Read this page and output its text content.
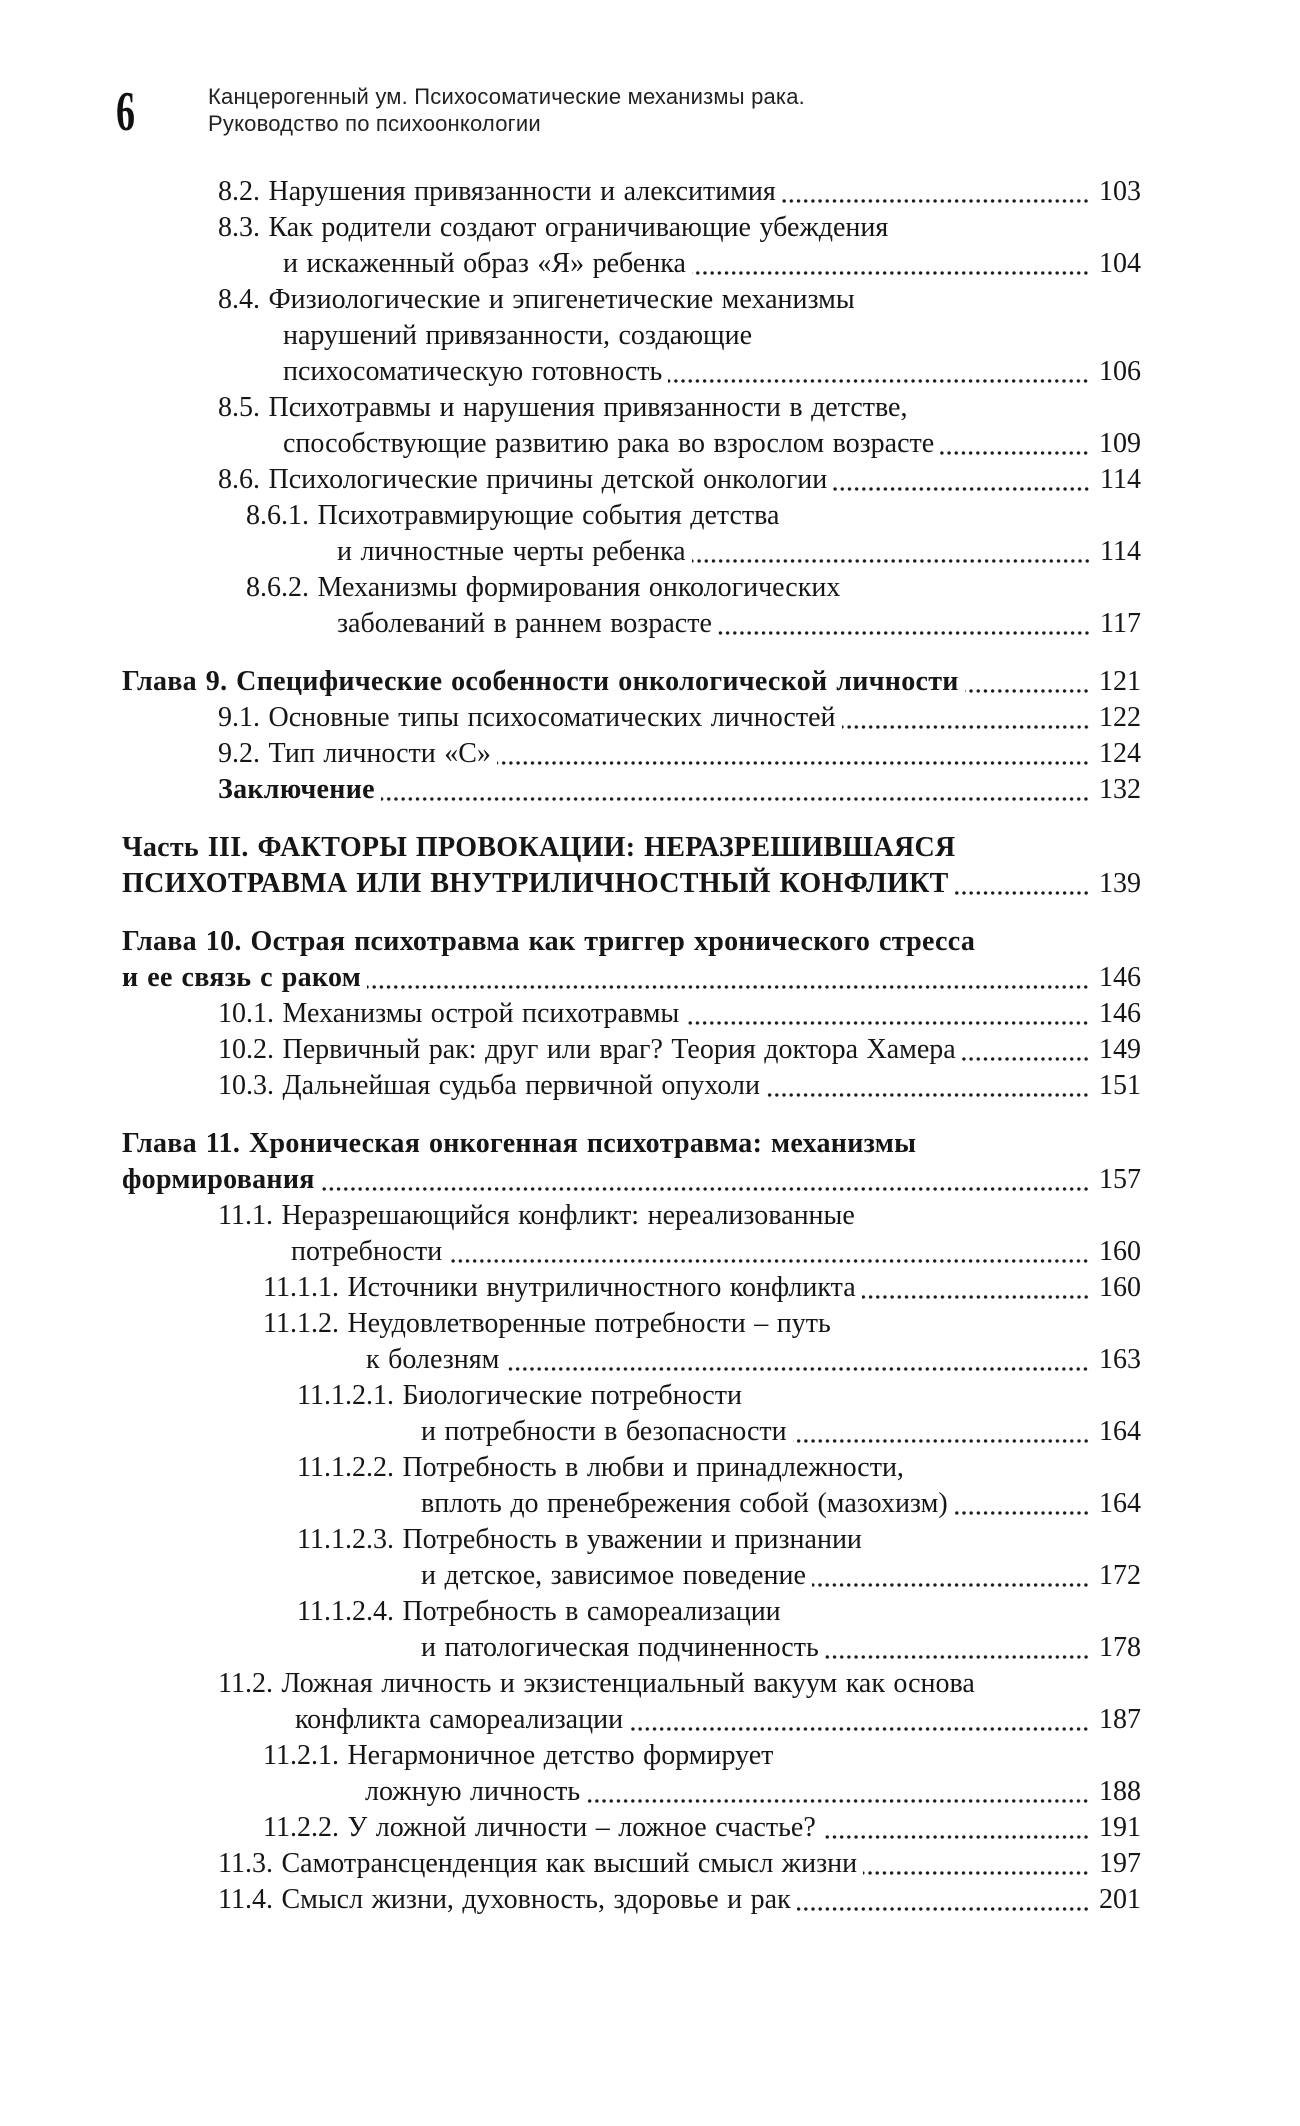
6	Канцерогенный ум. Психосоматические механизмы рака.
Руководство по психоонкологии
8.2. Нарушения привязанности и алекситимия	103
8.3. Как родители создают ограничивающие убеждения
и искаженный образ «Я» ребенка	104
8.4. Физиологические и эпигенетические механизмы
нарушений привязанности, создающие
психосоматическую готовность	106
8.5. Психотравмы и нарушения привязанности в детстве,
способствующие развитию рака во взрослом возрасте	109
8.6. Психологические причины детской онкологии	114
8.6.1. Психотравмирующие события детства
и личностные черты ребенка	114
8.6.2. Механизмы формирования онкологических
заболеваний в раннем возрасте	117
Глава 9. Специфические особенности онкологической личности	121
9.1. Основные типы психосоматических личностей	122
9.2. Тип личности «С»	124
Заключение	132
Часть III. ФАКТОРЫ ПРОВОКАЦИИ: НЕРАЗРЕШИВШАЯСЯ
ПСИХОТРАВМА ИЛИ ВНУТРИЛИЧНОСТНЫЙ КОНФЛИКТ	139
Глава 10. Острая психотравма как триггер хронического стресса
и ее связь с раком	146
10.1. Механизмы острой психотравмы	146
10.2. Первичный рак: друг или враг? Теория доктора Хамера	149
10.3. Дальнейшая судьба первичной опухоли	151
Глава 11. Хроническая онкогенная психотравма: механизмы
формирования	157
11.1. Неразрешающийся конфликт: нереализованные
потребности	160
11.1.1. Источники внутриличностного конфликта	160
11.1.2. Неудовлетворенные потребности – путь
к болезням	163
11.1.2.1. Биологические потребности
и потребности в безопасности	164
11.1.2.2. Потребность в любви и принадлежности,
вплоть до пренебрежения собой (мазохизм)	164
11.1.2.3. Потребность в уважении и признании
и детское, зависимое поведение	172
11.1.2.4. Потребность в самореализации
и патологическая подчиненность	178
11.2. Ложная личность и экзистенциальный вакуум как основа
конфликта самореализации	187
11.2.1. Негармоничное детство формирует
ложную личность	188
11.2.2. У ложной личности – ложное счастье?	191
11.3. Самотрансценденция как высший смысл жизни	197
11.4. Смысл жизни, духовность, здоровье и рак	201
